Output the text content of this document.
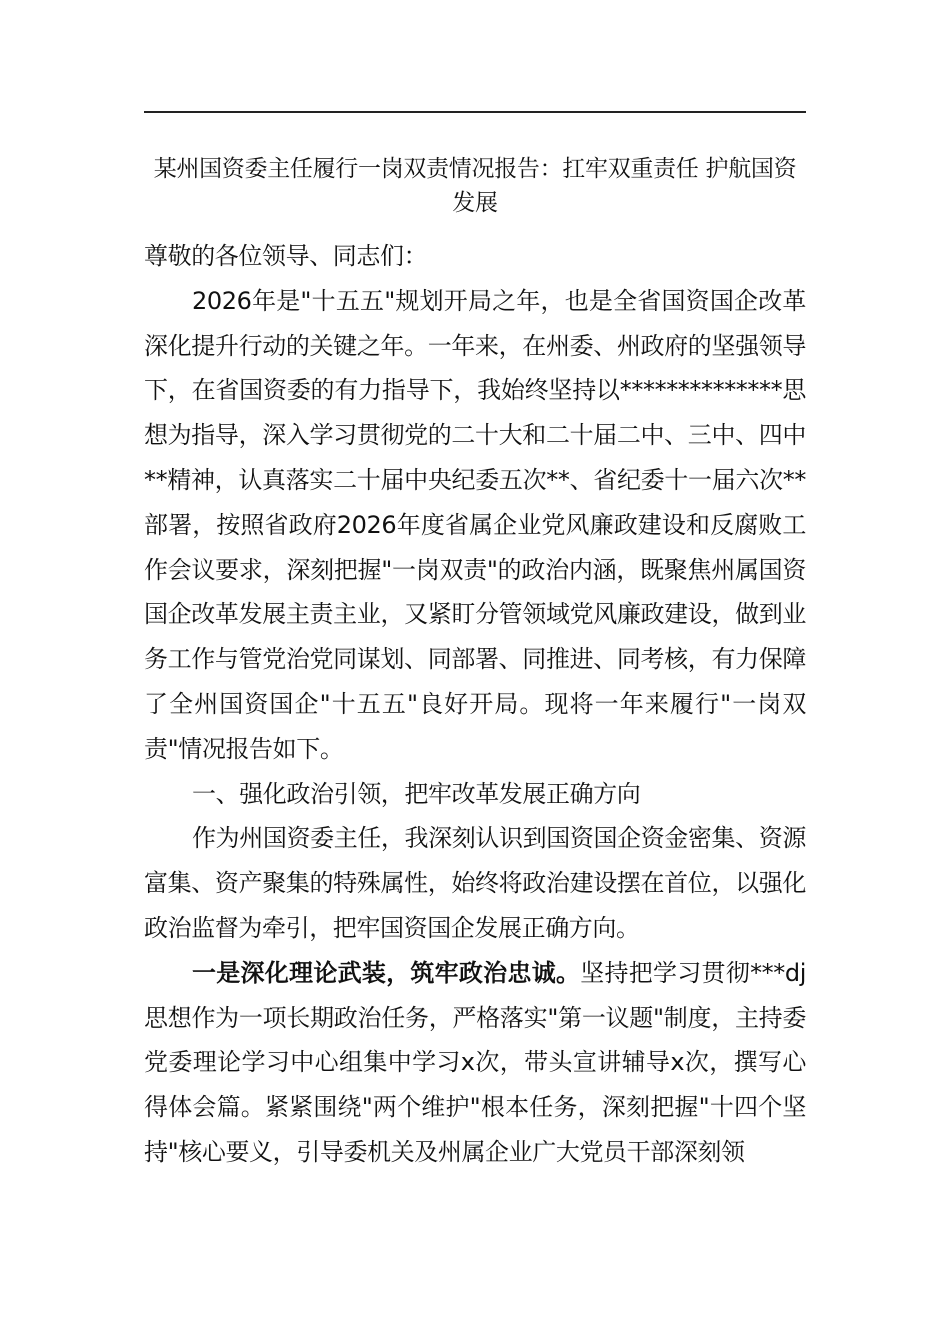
某州国资委主任履行一岗双责情况报告：扛牢双重责任 护航国资发展

尊敬的各位领导、同志们：

2026年是"十五五"规划开局之年，也是全省国资国企改革深化提升行动的关键之年。一年来，在州委、州政府的坚强领导下，在省国资委的有力指导下，我始终坚持以**************思想为指导，深入学习贯彻党的二十大和二十届二中、三中、四中**精神，认真落实二十届中央纪委五次**、省纪委十一届六次**部署，按照省政府2026年度省属企业党风廉政建设和反腐败工作会议要求，深刻把握"一岗双责"的政治内涵，既聚焦州属国资国企改革发展主责主业，又紧盯分管领域党风廉政建设，做到业务工作与管党治党同谋划、同部署、同推进、同考核，有力保障了全州国资国企"十五五"良好开局。现将一年来履行"一岗双责"情况报告如下。

一、强化政治引领，把牢改革发展正确方向

作为州国资委主任，我深刻认识到国资国企资金密集、资源富集、资产聚集的特殊属性，始终将政治建设摆在首位，以强化政治监督为牵引，把牢国资国企发展正确方向。

一是深化理论武装，筑牢政治忠诚。坚持把学习贯彻***dj思想作为一项长期政治任务，严格落实"第一议题"制度，主持委党委理论学习中心组集中学习x次，带头宣讲辅导x次，撰写心得体会篇。紧紧围绕"两个维护"根本任务，深刻把握"十四个坚持"核心要义，引导委机关及州属企业广大党员干部深刻领
